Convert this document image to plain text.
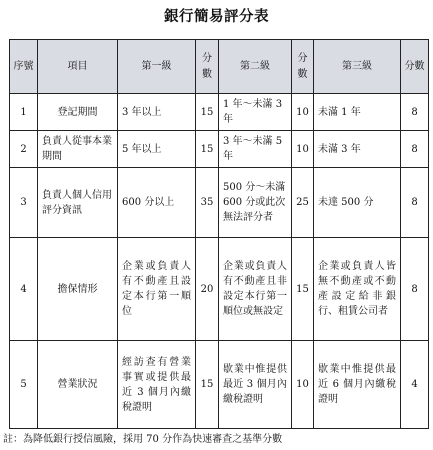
銀行簡易評分表
序號	項目	第一級	分數	第二級	分數	第三級	分數
1	登記期間	3 年以上	15	1 年～未滿 3 年	10	未滿 1 年	8
2	負責人從事本業期間	5 年以上	15	3 年～未滿 5 年	10	未滿 3 年	8
3	負責人個人信用評分資訊	600 分以上	35	500 分～未滿 600 分或此次無法評分者	25	未達 500 分	8
4	擔保情形	企業或負責人有不動產且設定本行第一順位	20	企業或負責人有不動產且非設定本行第一順位或無設定	15	企業或負責人皆無不動產或不動產設定給非銀行、租賃公司者	8
5	營業狀況	經訪查有營業事實或提供最近 3 個月內繳稅證明	15	歇業中惟提供最近 3 個月內繳稅證明	10	歇業中惟提供最近 6 個月內繳稅證明	4
註：為降低銀行授信風險，採用 70 分作為快速審查之基準分數
